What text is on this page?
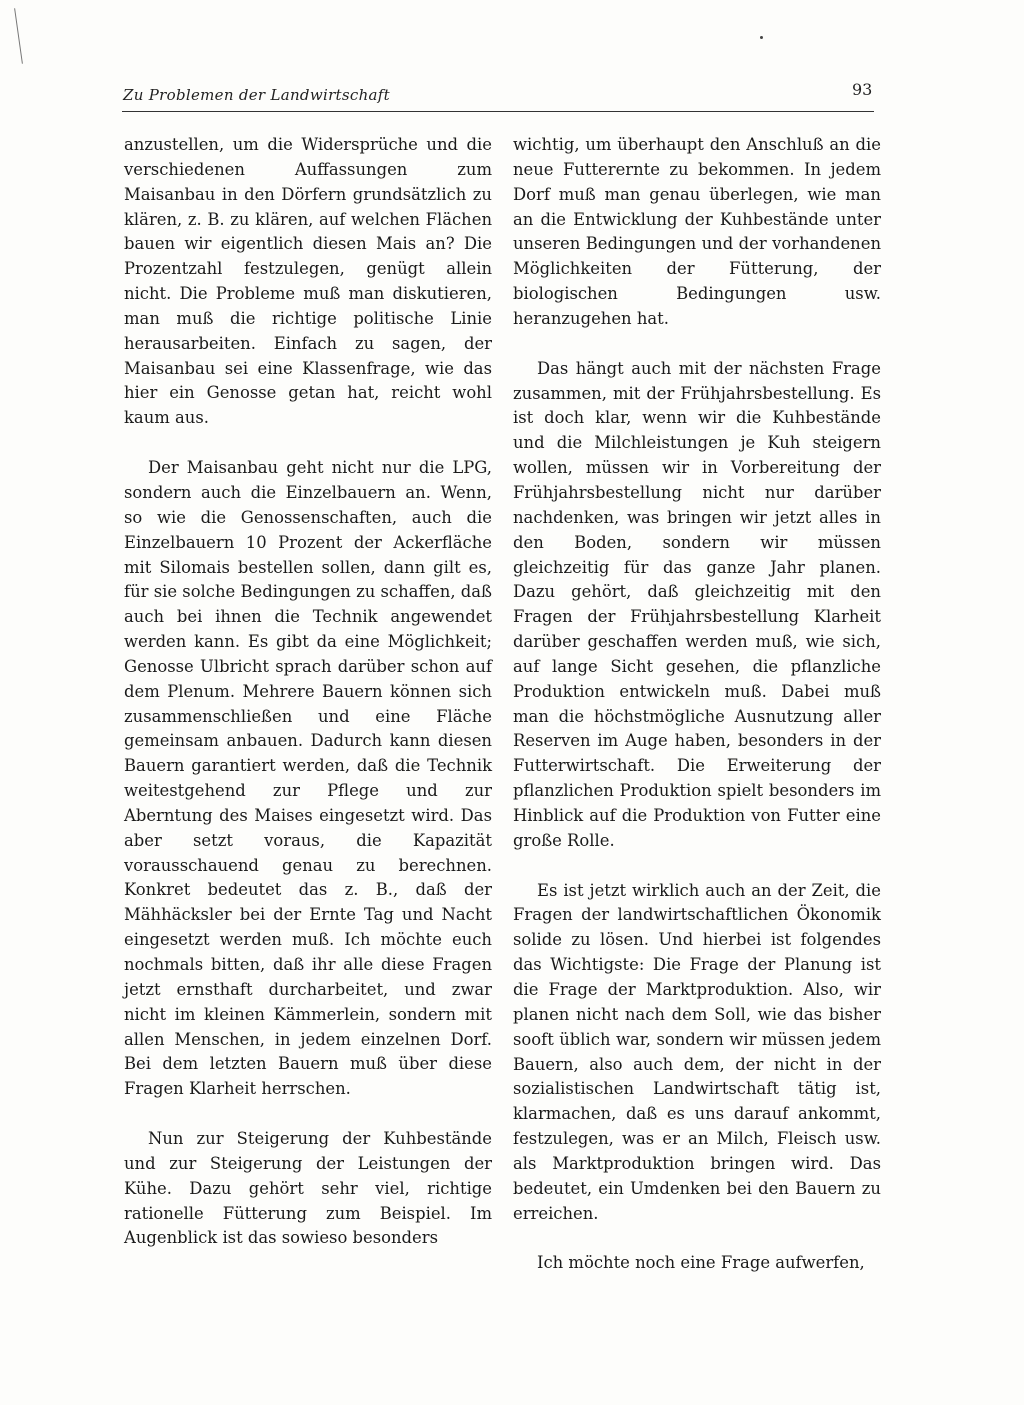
Zu Problemen der Landwirtschaft	93

anzustellen, um die Widersprüche und die verschiedenen Auffassungen zum Maisanbau in den Dörfern grundsätzlich zu klären, z. B. zu klären, auf welchen Flächen bauen wir eigentlich diesen Mais an? Die Prozentzahl festzulegen, genügt allein nicht. Die Probleme muß man diskutieren, man muß die richtige politische Linie herausarbeiten. Einfach zu sagen, der Maisanbau sei eine Klassenfrage, wie das hier ein Genosse getan hat, reicht wohl kaum aus.

Der Maisanbau geht nicht nur die LPG, sondern auch die Einzelbauern an. Wenn, so wie die Genossenschaften, auch die Einzelbauern 10 Prozent der Ackerfläche mit Silomais bestellen sollen, dann gilt es, für sie solche Bedingungen zu schaffen, daß auch bei ihnen die Technik angewendet werden kann. Es gibt da eine Möglichkeit; Genosse Ulbricht sprach darüber schon auf dem Plenum. Mehrere Bauern können sich zusammenschließen und eine Fläche gemeinsam anbauen. Dadurch kann diesen Bauern garantiert werden, daß die Technik weitestgehend zur Pflege und zur Aberntung des Maises eingesetzt wird. Das aber setzt voraus, die Kapazität vorausschauend genau zu berechnen. Konkret bedeutet das z. B., daß der Mähhäcksler bei der Ernte Tag und Nacht eingesetzt werden muß. Ich möchte euch nochmals bitten, daß ihr alle diese Fragen jetzt ernsthaft durcharbeitet, und zwar nicht im kleinen Kämmerlein, sondern mit allen Menschen, in jedem einzelnen Dorf. Bei dem letzten Bauern muß über diese Fragen Klarheit herrschen.

Nun zur Steigerung der Kuhbestände und zur Steigerung der Leistungen der Kühe. Dazu gehört sehr viel, richtige rationelle Fütterung zum Beispiel. Im Augenblick ist das sowieso besonders

wichtig, um überhaupt den Anschluß an die neue Futterernte zu bekommen. In jedem Dorf muß man genau überlegen, wie man an die Entwicklung der Kuhbestände unter unseren Bedingungen und der vorhandenen Möglichkeiten der Fütterung, der biologischen Bedingungen usw. heranzugehen hat.

Das hängt auch mit der nächsten Frage zusammen, mit der Frühjahrsbestellung. Es ist doch klar, wenn wir die Kuhbestände und die Milchleistungen je Kuh steigern wollen, müssen wir in Vorbereitung der Frühjahrsbestellung nicht nur darüber nachdenken, was bringen wir jetzt alles in den Boden, sondern wir müssen gleichzeitig für das ganze Jahr planen. Dazu gehört, daß gleichzeitig mit den Fragen der Frühjahrsbestellung Klarheit darüber geschaffen werden muß, wie sich, auf lange Sicht gesehen, die pflanzliche Produktion entwickeln muß. Dabei muß man die höchstmögliche Ausnutzung aller Reserven im Auge haben, besonders in der Futterwirtschaft. Die Erweiterung der pflanzlichen Produktion spielt besonders im Hinblick auf die Produktion von Futter eine große Rolle.

Es ist jetzt wirklich auch an der Zeit, die Fragen der landwirtschaftlichen Ökonomik solide zu lösen. Und hierbei ist folgendes das Wichtigste: Die Frage der Planung ist die Frage der Marktproduktion. Also, wir planen nicht nach dem Soll, wie das bisher sooft üblich war, sondern wir müssen jedem Bauern, also auch dem, der nicht in der sozialistischen Landwirtschaft tätig ist, klarmachen, daß es uns darauf ankommt, festzulegen, was er an Milch, Fleisch usw. als Marktproduktion bringen wird. Das bedeutet, ein Umdenken bei den Bauern zu erreichen.

Ich möchte noch eine Frage aufwerfen,
